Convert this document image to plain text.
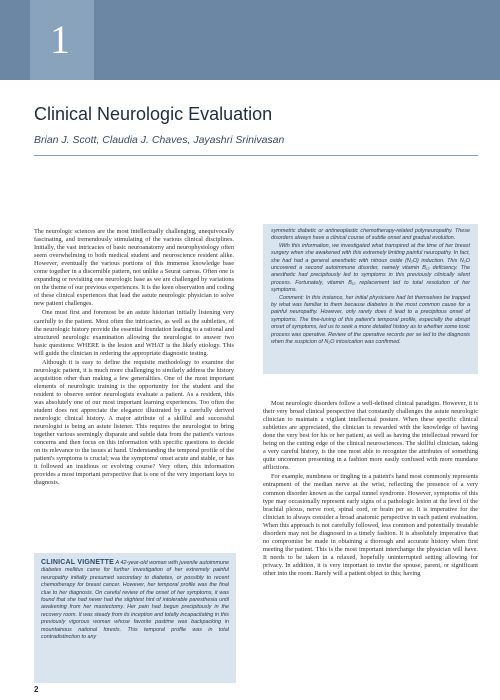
1
Clinical Neurologic Evaluation
Brian J. Scott, Claudia J. Chaves, Jayashri Srinivasan

The neurologic sciences are the most intellectually challenging, unequivocally fascinating, and tremendously stimulating of the various clinical disciplines. Initially, the vast intricacies of basic neuroanatomy and neurophysiology often seem overwhelming to both medical student and neuroscience resident alike. However, eventually the various portions of this immense knowledge base come together in a discernible pattern, not unlike a Seurat canvas. Often one is expanding or revisiting one neurologic base as we are challenged by variations on the theme of our previous experiences. It is the keen observation and coding of these clinical experiences that lead the astute neurologic physician to solve new patient challenges.

One must first and foremost be an astute historian initially listening very carefully to the patient. Most often the intricacies, as well as the subtleties, of the neurologic history provide the essential foundation leading to a rational and structured neurologic examination allowing the neurologist to answer two basic questions: WHERE is the lesion and WHAT is the likely etiology. This will guide the clinician in ordering the appropriate diagnostic testing.

Although it is easy to define the requisite methodology to examine the neurologic patient, it is much more challenging to similarly address the history acquisition other than making a few generalities. One of the most important elements of neurologic training is the opportunity for the student and the resident to observe senior neurologists evaluate a patient. As a resident, this was absolutely one of our most important learning experiences. Too often the student does not appreciate the elegance illustrated by a carefully derived neurologic clinical history. A major attribute of a skillful and successful neurologist is being an astute listener. This requires the neurologist to bring together various seemingly disparate and subtle data from the patient's various concerns and then focus on this information with specific questions to decide on its relevance to the issues at hand. Understanding the temporal profile of the patient's symptoms is crucial; was the symptoms' onset acute and stable, or has it followed an insidious or evolving course? Very often, this information provides a most important perspective that is one of the very important keys to diagnosis.

CLINICAL VIGNETTE A 42-year-old woman with juvenile autoimmune diabetes mellitus came for further investigation of her extremely painful neuropathy initially presumed secondary to diabetes, or possibly to recent chemotherapy for breast cancer. However, her temporal profile was the final clue to her diagnosis. On careful review of the onset of her symptoms, it was found that she had never had the slightest hint of intolerable paresthesia until awakening from her mastectomy. Her pain had begun precipitously in the recovery room. It was steady from its inception and totally incapacitating in this previously vigorous woman whose favorite pastime was backpacking in mountainous national forests. This temporal profile was in total contradistinction to any

symmetric diabetic or antineoplastic chemotherapy-related polyneuropathy. These disorders always have a clinical course of subtle onset and gradual evolution.

With this information, we investigated what transpired at the time of her breast surgery when she awakened with this extremely limiting painful neuropathy. In fact, she had had a general anesthetic with nitrous oxide (N₂O) induction. This N₂O uncovered a second autoimmune disorder, namely vitamin B₁₂ deficiency. The anesthetic had precipitously led to symptoms in this previously clinically silent process. Fortunately, vitamin B₁₂ replacement led to total resolution of her symptoms.

Comment: In this instance, her initial physicians had let themselves be trapped by what was familiar to them because diabetes is the most common cause for a painful neuropathy. However, only rarely does it lead to a precipitous onset of symptoms. The fine-tuning of this patient's temporal profile, especially the abrupt onset of symptoms, led us to seek a more detailed history as to whether some toxic process was operative. Review of the operative records per se led to the diagnosis when the suspicion of N₂O intoxication was confirmed.

Most neurologic disorders follow a well-defined clinical paradigm. However, it is their very broad clinical perspective that constantly challenges the astute neurologic clinician to maintain a vigilant intellectual posture. When these specific clinical subtleties are appreciated, the clinician is rewarded with the knowledge of having done the very best for his or her patient, as well as having the intellectual reward for being on the cutting edge of the clinical neurosciences. The skillful clinician, taking a very careful history, is the one most able to recognize the attributes of something quite uncommon presenting in a fashion more easily confused with more mundane afflictions.

For example, numbness or tingling in a patient's hand most commonly represents entrapment of the median nerve at the wrist, reflecting the presence of a very common disorder known as the carpal tunnel syndrome. However, symptoms of this type may occasionally represent early signs of a pathologic lesion at the level of the brachial plexus, nerve root, spinal cord, or brain per se. It is imperative for the clinician to always consider a broad anatomic perspective in each patient evaluation. When this approach is not carefully followed, less common and potentially treatable disorders may not be diagnosed in a timely fashion. It is absolutely imperative that no compromise be made in obtaining a thorough and accurate history when first meeting the patient. This is the most important interchange the physician will have. It needs to be taken in a relaxed, hopefully uninterrupted setting allowing for privacy. In addition, it is very important to invite the spouse, parent, or significant other into the room. Rarely will a patient object to this; having

2
